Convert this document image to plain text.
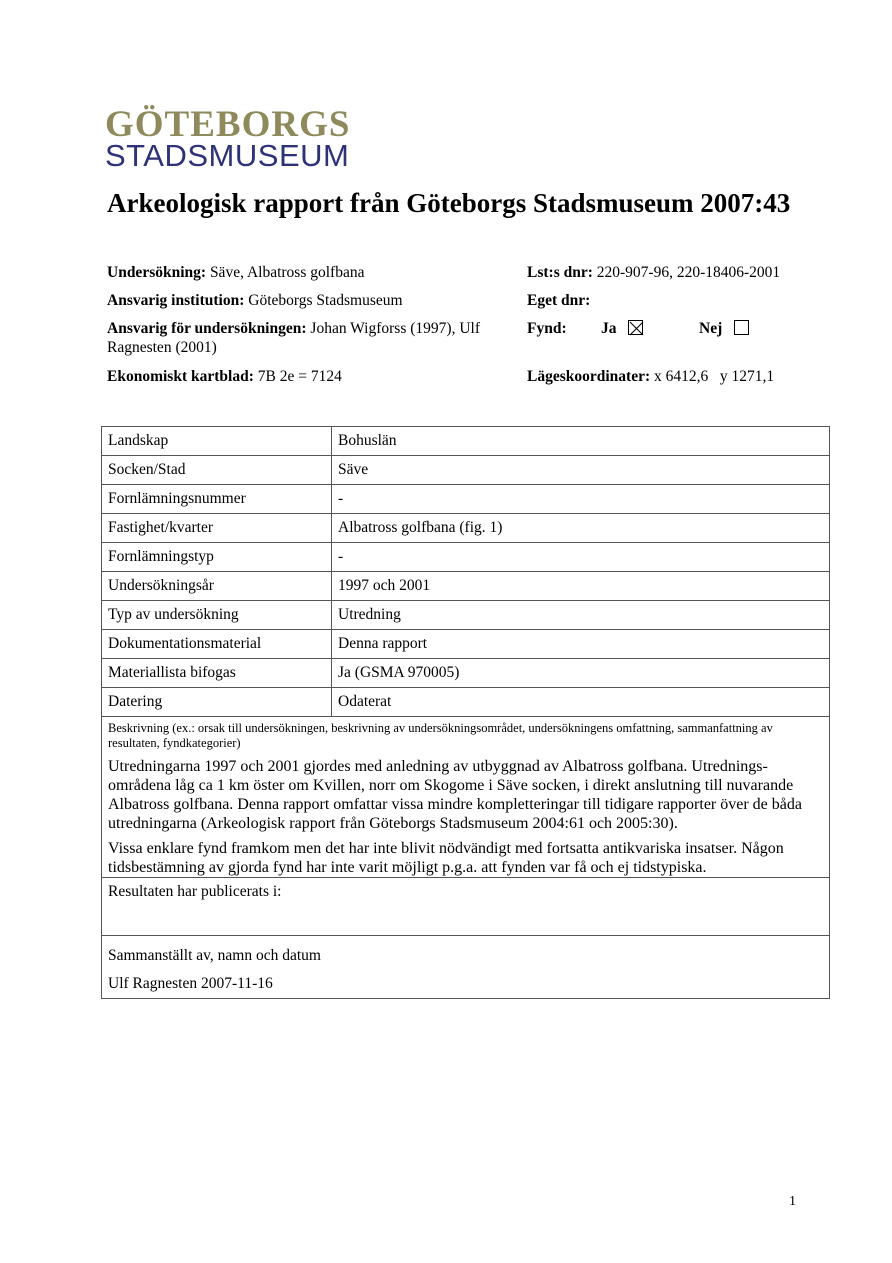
GÖTEBORGS
STADSMUSEUM
Arkeologisk rapport från Göteborgs Stadsmuseum 2007:43
Undersökning: Säve, Albatross golfbana
Ansvarig institution: Göteborgs Stadsmuseum
Ansvarig för undersökningen: Johan Wigforss (1997), Ulf
Ragnesten (2001)
Ekonomiskt kartblad: 7B 2e = 7124
Lst:s dnr: 220-907-96, 220-18406-2001
Eget dnr:
Fynd: Ja	Nej
Lägeskoordinater: x 6412,6   y 1271,1
Landskap	Bohuslän
Socken/Stad	Säve
Fornlämningsnummer	-
Fastighet/kvarter	Albatross golfbana (fig. 1)
Fornlämningstyp	-
Undersökningsår	1997 och 2001
Typ av undersökning	Utredning
Dokumentationsmaterial	Denna rapport
Materiallista bifogas	Ja (GSMA 970005)
Datering	Odaterat

Beskrivning (ex.: orsak till undersökningen, beskrivning av undersökningsområdet, undersökningens omfattning, sammanfattning av resultaten, fyndkategorier)
Utredningarna 1997 och 2001 gjordes med anledning av utbyggnad av Albatross golfbana. Utrednings- områdena låg ca 1 km öster om Kvillen, norr om Skogome i Säve socken, i direkt anslutning till nuvarande Albatross golfbana. Denna rapport omfattar vissa mindre kompletteringar till tidigare rapporter över de båda utredningarna (Arkeologisk rapport från Göteborgs Stadsmuseum 2004:61 och 2005:30).
Vissa enklare fynd framkom men det har inte blivit nödvändigt med fortsatta antikvariska insatser. Någon tidsbestämning av gjorda fynd har inte varit möjligt p.g.a. att fynden var få och ej tidstypiska.	

Resultaten har publicerats i:	

Sammanställt av, namn och datum
Ulf Ragnesten 2007-11-16	
1
